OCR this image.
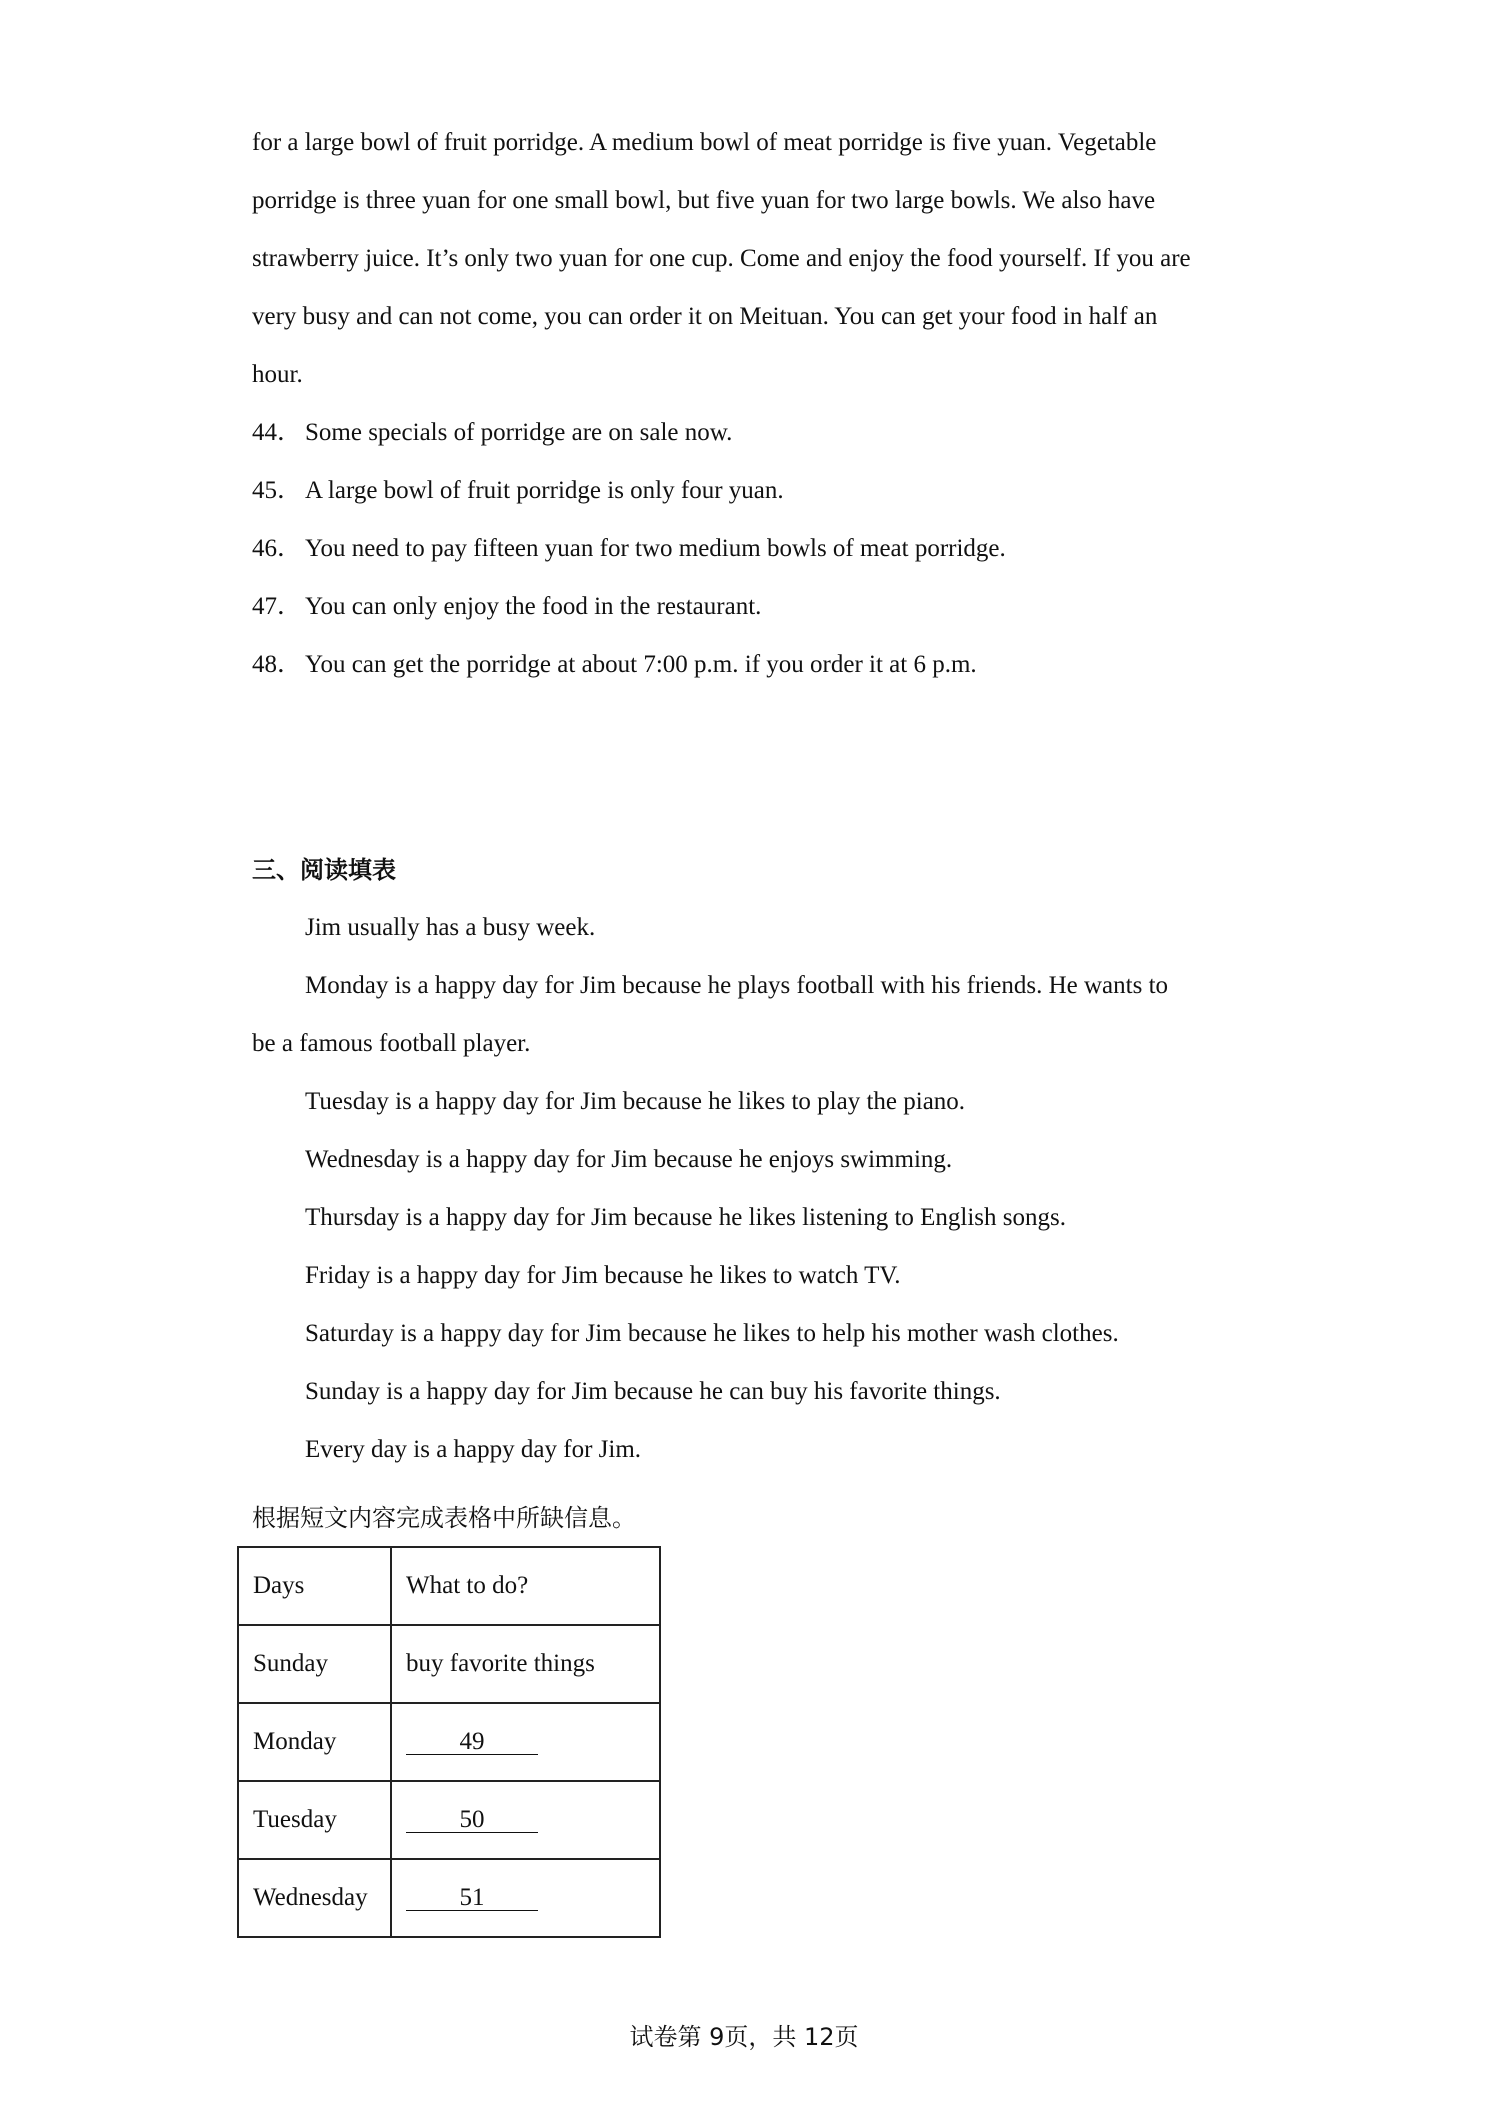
for a large bowl of fruit porridge. A medium bowl of meat porridge is five yuan. Vegetable
porridge is three yuan for one small bowl, but five yuan for two large bowls. We also have
strawberry juice. It’s only two yuan for one cup. Come and enjoy the food yourself. If you are
very busy and can not come, you can order it on Meituan. You can get your food in half an
hour.
44． Some specials of porridge are on sale now.
45． A large bowl of fruit porridge is only four yuan.
46． You need to pay fifteen yuan for two medium bowls of meat porridge.
47． You can only enjoy the food in the restaurant.
48． You can get the porridge at about 7:00 p.m. if you order it at 6 p.m.
三、阅读填表
Jim usually has a busy week.
Monday is a happy day for Jim because he plays football with his friends. He wants to
be a famous football player.
Tuesday is a happy day for Jim because he likes to play the piano.
Wednesday is a happy day for Jim because he enjoys swimming.
Thursday is a happy day for Jim because he likes listening to English songs.
Friday is a happy day for Jim because he likes to watch TV.
Saturday is a happy day for Jim because he likes to help his mother wash clothes.
Sunday is a happy day for Jim because he can buy his favorite things.
Every day is a happy day for Jim.
根据短文内容完成表格中所缺信息。
Days	What to do?
Sunday	buy favorite things
Monday	49
Tuesday	50
Wednesday	51
试卷第 9页，共 12页
